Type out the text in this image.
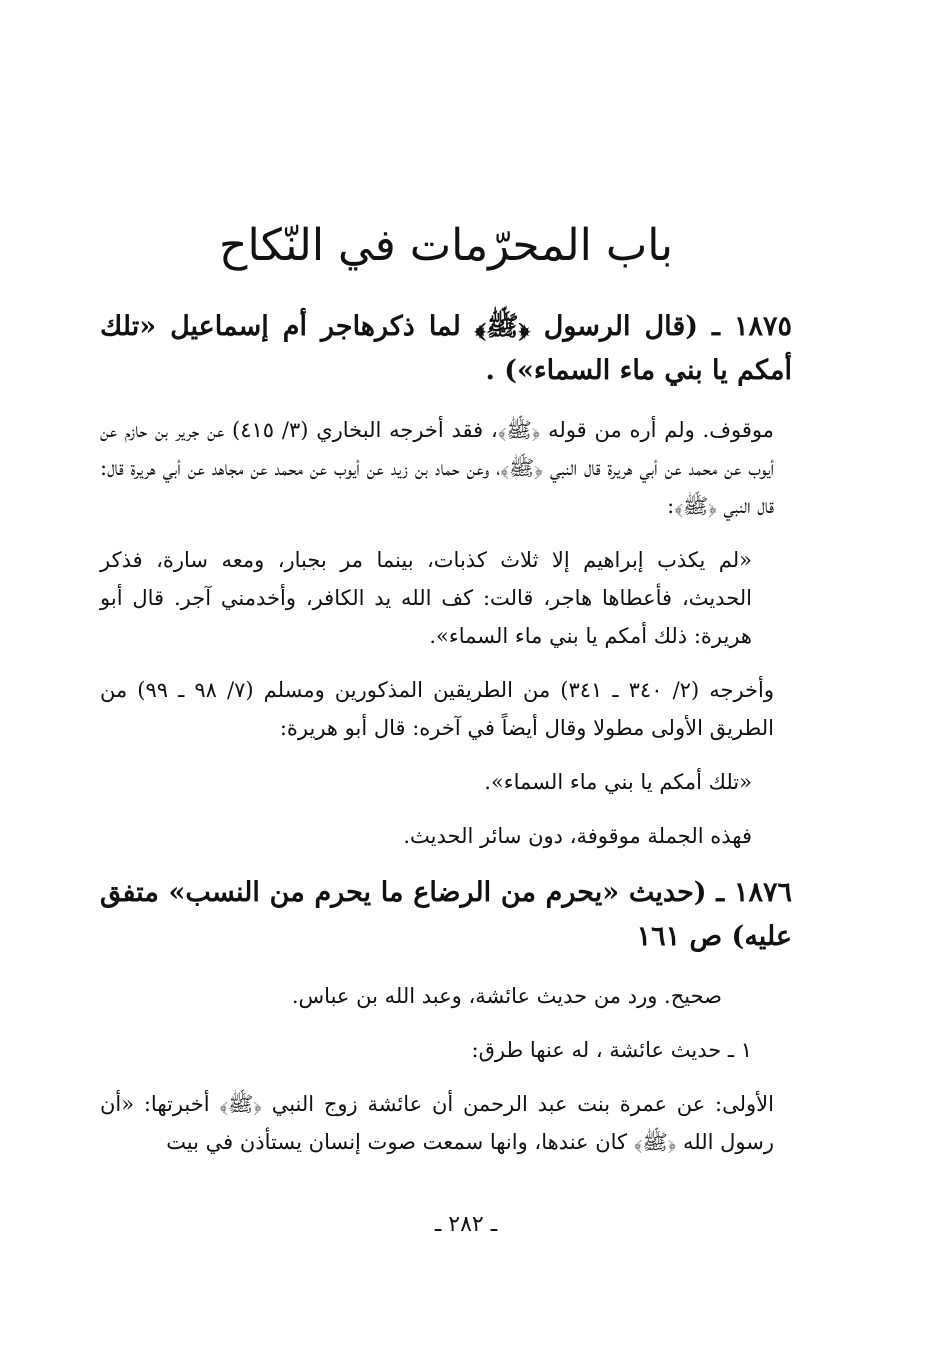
باب المحرّمات في النّكاح
١٨٧٥ ـ (قال الرسول ﴿ﷺ﴾ لما ذكرهاجر أم إسماعيل «تلك أمكم يا بني ماء السماء») .
موقوف. ولم أره من قوله ﴿ﷺ﴾، فقد أخرجه البخاري (٣/ ٤١٥) عن جرير بن حازم عن أيوب عن محمد عن أبي هريرة قال النبي ﴿ﷺ﴾، وعن حماد بن زيد عن أيوب عن محمد عن مجاهد عن أبي هريرة قال: قال النبي ﴿ﷺ﴾:
«لم يكذب إبراهيم إلا ثلاث كذبات، بينما مر بجبار، ومعه سارة، فذكر الحديث، فأعطاها هاجر، قالت: كف الله يد الكافر، وأخدمني آجر. قال أبو هريرة: ذلك أمكم يا بني ماء السماء».
وأخرجه (٢/ ٣٤٠ ـ ٣٤١) من الطريقين المذكورين ومسلم (٧/ ٩٨ ـ ٩٩) من الطريق الأولى مطولا وقال أيضاً في آخره: قال أبو هريرة:
«تلك أمكم يا بني ماء السماء».
فهذه الجملة موقوفة، دون سائر الحديث.
١٨٧٦ ـ (حديث «يحرم من الرضاع ما يحرم من النسب» متفق عليه) ص ١٦١
صحيح. ورد من حديث عائشة، وعبد الله بن عباس.
١ ـ حديث عائشة ، له عنها طرق:
الأولى: عن عمرة بنت عبد الرحمن أن عائشة زوج النبي ﴿ﷺ﴾ أخبرتها: «أن رسول الله ﴿ﷺ﴾ كان عندها، وانها سمعت صوت إنسان يستأذن في بيت
ـ ٢٨٢ ـ
